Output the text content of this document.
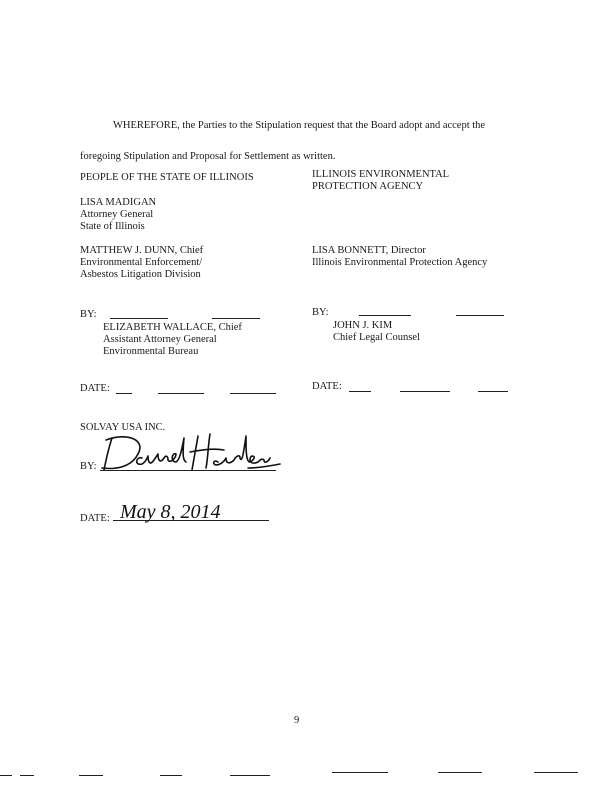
WHEREFORE, the Parties to the Stipulation request that the Board adopt and accept the
foregoing Stipulation and Proposal for Settlement as written.
PEOPLE OF THE STATE OF ILLINOIS
LISA MADIGAN
Attorney General
State of Illinois
MATTHEW J. DUNN, Chief
Environmental Enforcement/
Asbestos Litigation Division
BY:
ELIZABETH WALLACE, Chief
Assistant Attorney General
Environmental Bureau
DATE:
ILLINOIS ENVIRONMENTAL
PROTECTION AGENCY
LISA BONNETT, Director
Illinois Environmental Protection Agency
BY:
JOHN J. KIM
Chief Legal Counsel
DATE:
SOLVAY USA INC.
BY:
DATE: May 8, 2014
9
